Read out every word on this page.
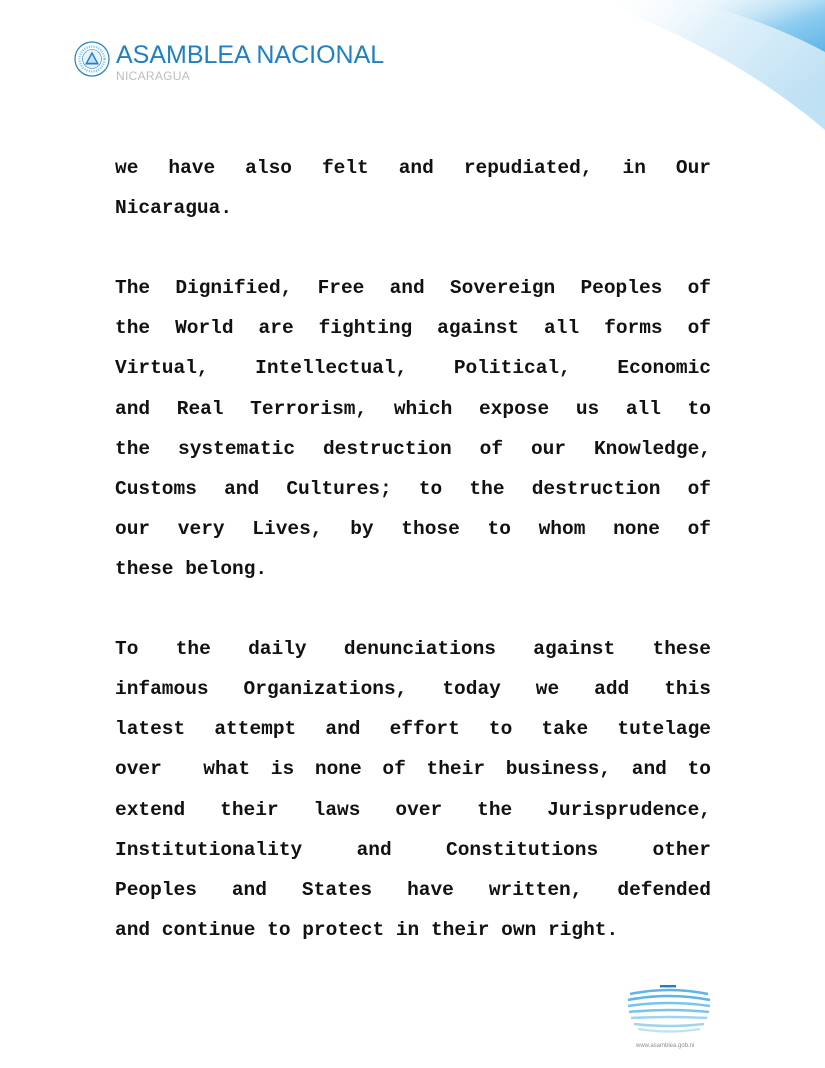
ASAMBLEA NACIONAL
NICARAGUA
we have also felt and repudiated, in Our
Nicaragua.
The Dignified, Free and Sovereign Peoples of
the World are fighting against all forms of
Virtual, Intellectual, Political, Economic
and Real Terrorism, which expose us all to
the systematic destruction of our Knowledge,
Customs and Cultures; to the destruction of
our very Lives, by those to whom none of
these belong.
To the daily denunciations against these
infamous Organizations, today we add this
latest attempt and effort to take tutelage
over  what is none of their business, and to
extend their laws over the Jurisprudence,
Institutionality and Constitutions other
Peoples and States have written, defended
and continue to protect in their own right.
www.asamblea.gob.ni
